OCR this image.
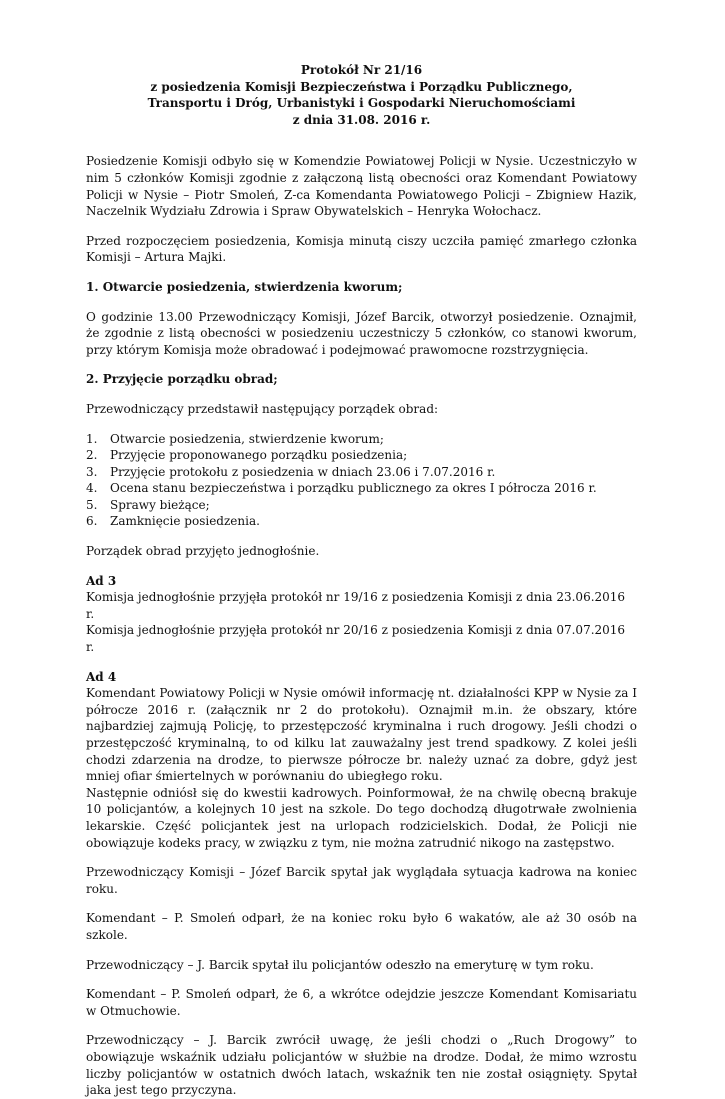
Protokół Nr 21/16
z posiedzenia Komisji Bezpieczeństwa i Porządku Publicznego,
Transportu i Dróg, Urbanistyki i Gospodarki Nieruchomościami
z dnia 31.08. 2016 r.

Posiedzenie Komisji odbyło się w Komendzie Powiatowej Policji w Nysie. Uczestniczyło w nim 5 członków Komisji zgodnie z załączoną listą obecności oraz Komendant Powiatowy Policji w Nysie – Piotr Smoleń, Z-ca Komendanta Powiatowego Policji – Zbigniew Hazik, Naczelnik Wydziału Zdrowia i Spraw Obywatelskich – Henryka Wołochacz.

Przed rozpoczęciem posiedzenia, Komisja minutą ciszy uczciła pamięć zmarłego członka Komisji – Artura Majki.

1. Otwarcie posiedzenia, stwierdzenia kworum;

O godzinie 13.00 Przewodniczący Komisji, Józef Barcik, otworzył posiedzenie. Oznajmił, że zgodnie z listą obecności w posiedzeniu uczestniczy 5 członków, co stanowi kworum, przy którym Komisja może obradować i podejmować prawomocne rozstrzygnięcia.

2. Przyjęcie porządku obrad;

Przewodniczący przedstawił następujący porządek obrad:

1. Otwarcie posiedzenia, stwierdzenie kworum;
2. Przyjęcie proponowanego porządku posiedzenia;
3. Przyjęcie protokołu z posiedzenia w dniach 23.06 i 7.07.2016 r.
4. Ocena stanu bezpieczeństwa i porządku publicznego za okres I półrocza 2016 r.
5. Sprawy bieżące;
6. Zamknięcie posiedzenia.

Porządek obrad przyjęto jednogłośnie.

Ad 3
Komisja jednogłośnie przyjęła protokół nr 19/16 z posiedzenia Komisji z dnia 23.06.2016 r.
Komisja jednogłośnie przyjęła protokół nr 20/16 z posiedzenia Komisji z dnia 07.07.2016 r.
Ad 4

Komendant Powiatowy Policji w Nysie omówił informację nt. działalności KPP w Nysie za I półrocze 2016 r. (załącznik nr 2 do protokołu). Oznajmił m.in. że obszary, które najbardziej zajmują Policję, to przestępczość kryminalna i ruch drogowy. Jeśli chodzi o przestępczość kryminalną, to od kilku lat zauważalny jest trend spadkowy. Z kolei jeśli chodzi zdarzenia na drodze, to pierwsze półrocze br. należy uznać za dobre, gdyż jest mniej ofiar śmiertelnych w porównaniu do ubiegłego roku.

Następnie odniósł się do kwestii kadrowych. Poinformował, że na chwilę obecną brakuje 10 policjantów, a kolejnych 10 jest na szkole. Do tego dochodzą długotrwałe zwolnienia lekarskie. Część policjantek jest na urlopach rodzicielskich. Dodał, że Policji nie obowiązuje kodeks pracy, w związku z tym, nie można zatrudnić nikogo na zastępstwo.

Przewodniczący Komisji – Józef Barcik spytał jak wyglądała sytuacja kadrowa na koniec roku.

Komendant – P. Smoleń odparł, że na koniec roku było 6 wakatów, ale aż 30 osób na szkole.

Przewodniczący – J. Barcik spytał ilu policjantów odeszło na emeryturę w tym roku.

Komendant – P. Smoleń odparł, że 6, a wkrótce odejdzie jeszcze Komendant Komisariatu w Otmuchowie.

Przewodniczący – J. Barcik zwrócił uwagę, że jeśli chodzi o „Ruch Drogowy” to obowiązuje wskaźnik udziału policjantów w służbie na drodze. Dodał, że mimo wzrostu liczby policjantów w ostatnich dwóch latach, wskaźnik ten nie został osiągnięty. Spytał jaka jest tego przyczyna.
